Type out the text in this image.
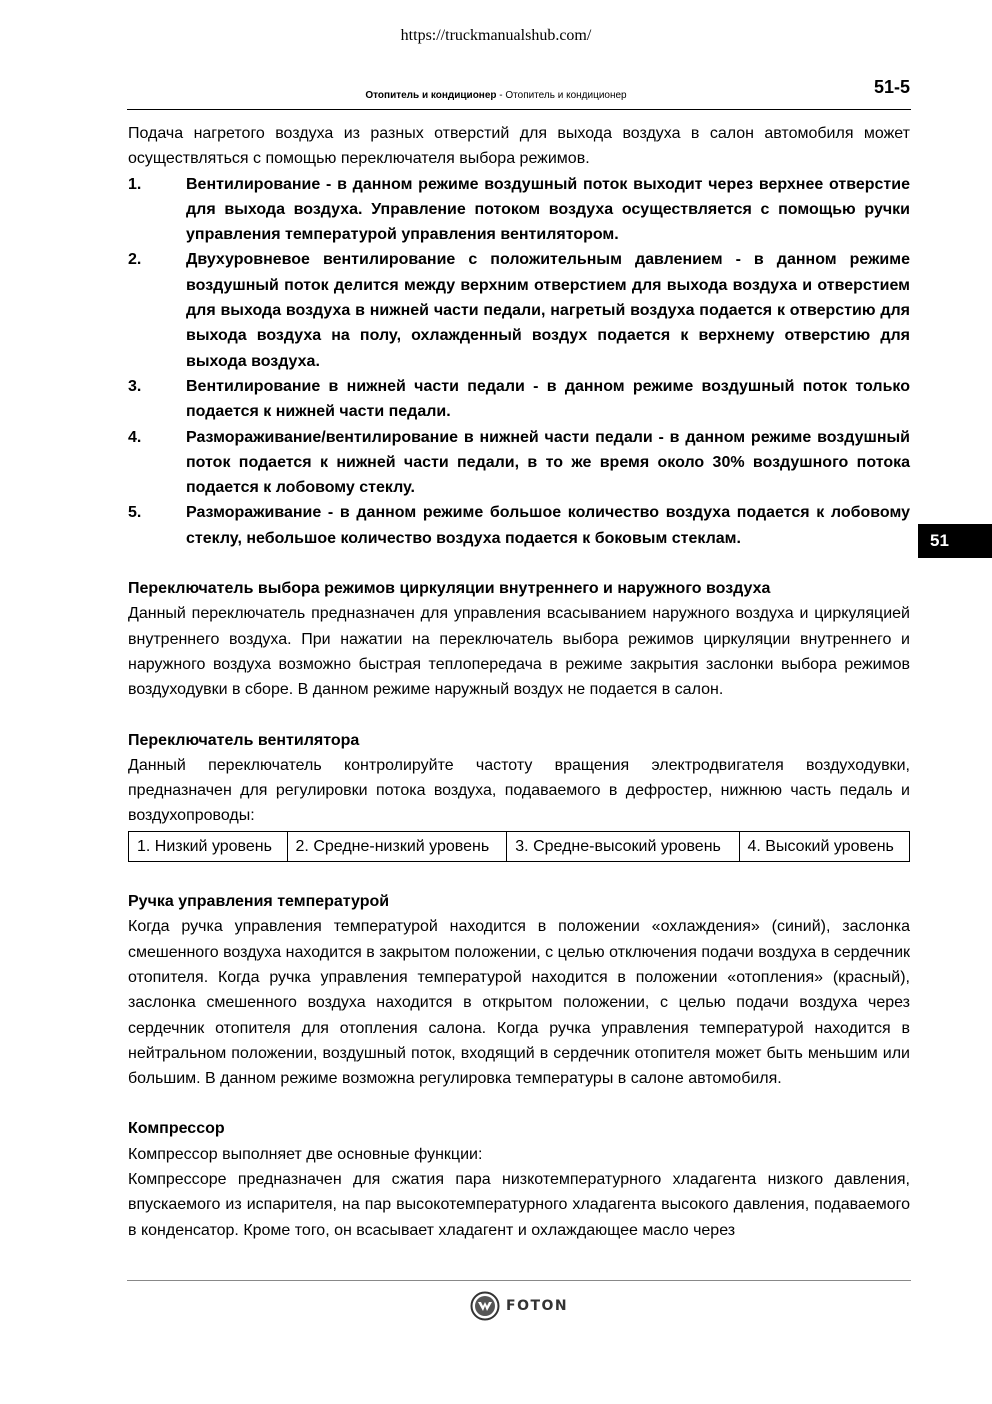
https://truckmanualshub.com/
Отопитель и кондиционер - Отопитель и кондиционер	51-5
51

Подача нагретого воздуха из разных отверстий для выхода воздуха в салон автомобиля может осуществляться с помощью переключателя выбора режимов.

1.	Вентилирование - в данном режиме воздушный поток выходит через верхнее отверстие для выхода воздуха. Управление потоком воздуха осуществляется с помощью ручки управления температурой управления вентилятором.
2.	Двухуровневое вентилирование с положительным давлением - в данном режиме воздушный поток делится между верхним отверстием для выхода воздуха и отверстием для выхода воздуха в нижней части педали, нагретый воздуха подается к отверстию для выхода воздуха на полу, охлажденный воздух подается к верхнему отверстию для выхода воздуха.
3.	Вентилирование в нижней части педали - в данном режиме воздушный поток только подается к нижней части педали.
4.	Размораживание/вентилирование в нижней части педали - в данном режиме воздушный поток подается к нижней части педали, в то же время около 30% воздушного потока подается к лобовому стеклу.
5.	Размораживание - в данном режиме большое количество воздуха подается к лобовому стеклу, небольшое количество воздуха подается к боковым стеклам.
Переключатель выбора режимов циркуляции внутреннего и наружного воздуха

Данный переключатель предназначен для управления всасыванием наружного воздуха и циркуляцией внутреннего воздуха. При нажатии на переключатель выбора режимов циркуляции внутреннего и наружного воздуха возможно быстрая теплопередача в режиме закрытия заслонки выбора режимов воздуходувки в сборе. В данном режиме наружный воздух не подается в салон.

Переключатель вентилятора

Данный переключатель контролируйте частоту вращения электродвигателя воздуходувки, предназначен для регулировки потока воздуха, подаваемого в дефростер, нижнюю часть педаль и воздухопроводы:

1. Низкий уровень	2. Средне-низкий уровень	3. Средне-высокий уровень	4. Высокий уровень
Ручка управления температурой

Когда ручка управления температурой находится в положении «охлаждения» (синий), заслонка смешенного воздуха находится в закрытом положении, с целью отключения подачи воздуха в сердечник отопителя. Когда ручка управления температурой находится в положении «отопления» (красный), заслонка смешенного воздуха находится в открытом положении, с целью подачи воздуха через сердечник отопителя для отопления салона. Когда ручка управления температурой находится в нейтральном положении, воздушный поток, входящий в сердечник отопителя может быть меньшим или большим. В данном режиме возможна регулировка температуры в салоне автомобиля.

Компрессор

Компрессор выполняет две основные функции:

Компрессоре предназначен для сжатия пара низкотемпературного хладагента низкого давления, впускаемого из испарителя, на пар высокотемпературного хладагента высокого давления, подаваемого в конденсатор. Кроме того, он всасывает хладагент и охлаждающее масло через

FOTON
